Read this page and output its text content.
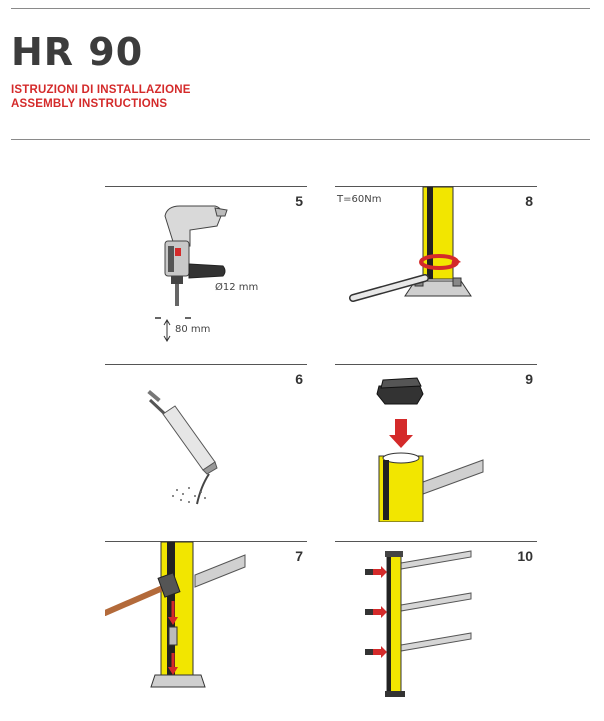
HR 90
ISTRUZIONI DI INSTALLAZIONE
ASSEMBLY INSTRUCTIONS
5
Ø12 mm
80 mm
8
T=60Nm
6	9
7	10
